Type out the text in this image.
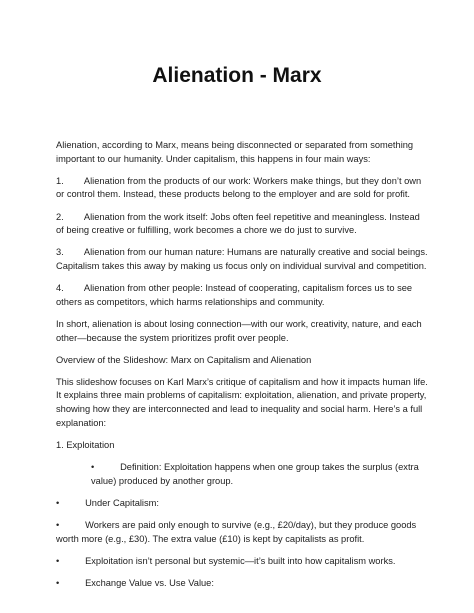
Alienation - Marx

Alienation, according to Marx, means being disconnected or separated from something important to our humanity. Under capitalism, this happens in four main ways:

1.        Alienation from the products of our work: Workers make things, but they don’t own or control them. Instead, these products belong to the employer and are sold for profit.

2.        Alienation from the work itself: Jobs often feel repetitive and meaningless. Instead of being creative or fulfilling, work becomes a chore we do just to survive.

3.        Alienation from our human nature: Humans are naturally creative and social beings. Capitalism takes this away by making us focus only on individual survival and competition.

4.        Alienation from other people: Instead of cooperating, capitalism forces us to see others as competitors, which harms relationships and community.

In short, alienation is about losing connection—with our work, creativity, nature, and each other—because the system prioritizes profit over people.

Overview of the Slideshow: Marx on Capitalism and Alienation

This slideshow focuses on Karl Marx’s critique of capitalism and how it impacts human life. It explains three main problems of capitalism: exploitation, alienation, and private property, showing how they are interconnected and lead to inequality and social harm. Here’s a full explanation:

1. Exploitation

•          Definition: Exploitation happens when one group takes the surplus (extra value) produced by another group.

•          Under Capitalism:

•          Workers are paid only enough to survive (e.g., £20/day), but they produce goods worth more (e.g., £30). The extra value (£10) is kept by capitalists as profit.

•          Exploitation isn’t personal but systemic—it’s built into how capitalism works.

•          Exchange Value vs. Use Value:
